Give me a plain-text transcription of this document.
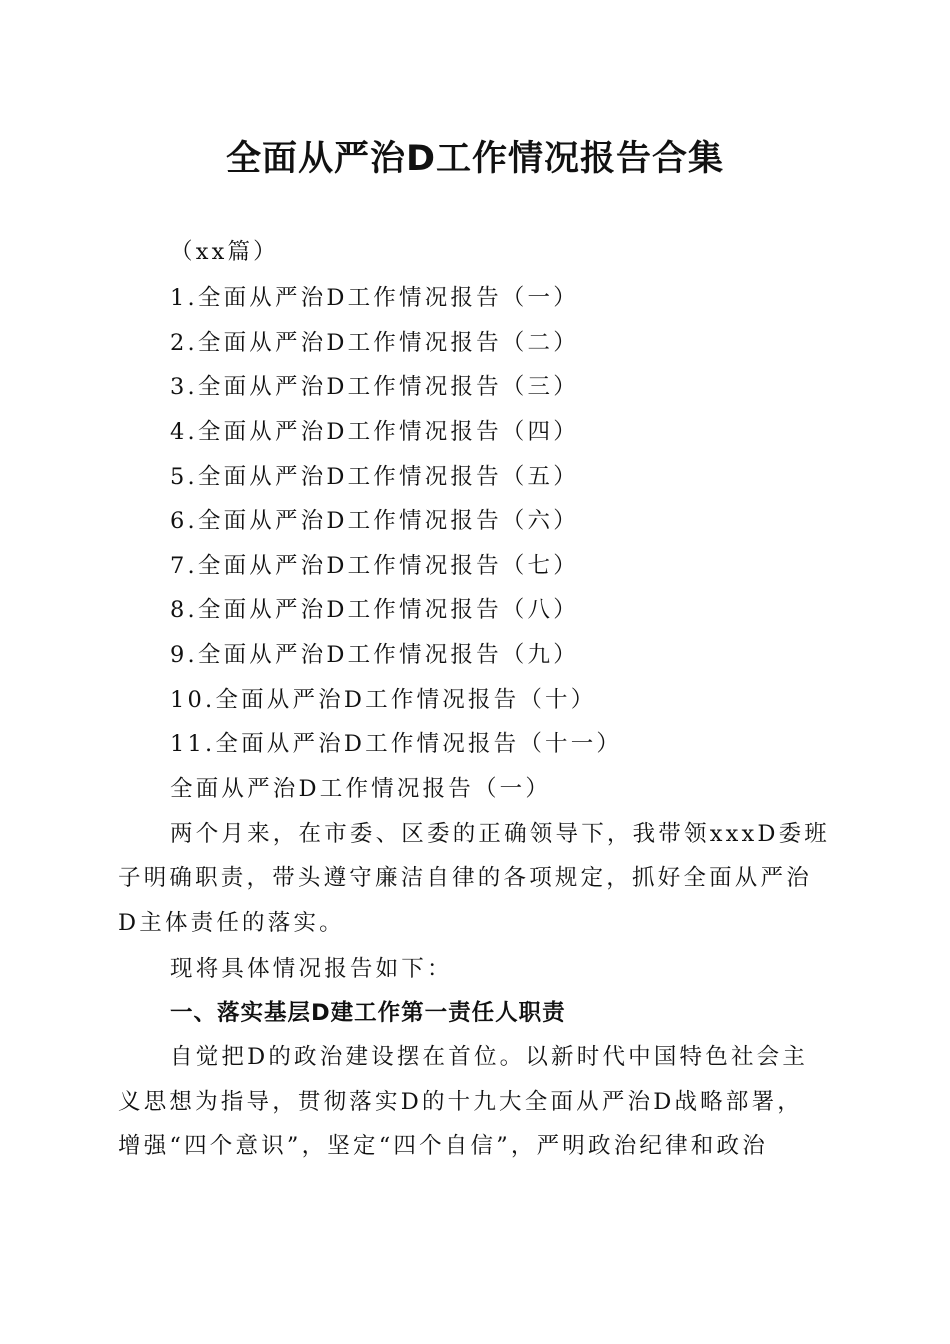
全面从严治D工作情况报告合集

（xx篇）

1.全面从严治D工作情况报告（一）

2.全面从严治D工作情况报告（二）

3.全面从严治D工作情况报告（三）

4.全面从严治D工作情况报告（四）

5.全面从严治D工作情况报告（五）

6.全面从严治D工作情况报告（六）

7.全面从严治D工作情况报告（七）

8.全面从严治D工作情况报告（八）

9.全面从严治D工作情况报告（九）

10.全面从严治D工作情况报告（十）

11.全面从严治D工作情况报告（十一）

全面从严治D工作情况报告（一）

两个月来，在市委、区委的正确领导下，我带领xxxD委班

子明确职责，带头遵守廉洁自律的各项规定，抓好全面从严治

D主体责任的落实。

现将具体情况报告如下：

一、落实基层D建工作第一责任人职责

自觉把D的政治建设摆在首位。以新时代中国特色社会主

义思想为指导，贯彻落实D的十九大全面从严治D战略部署，

增强“四个意识”，坚定“四个自信”，严明政治纪律和政治
